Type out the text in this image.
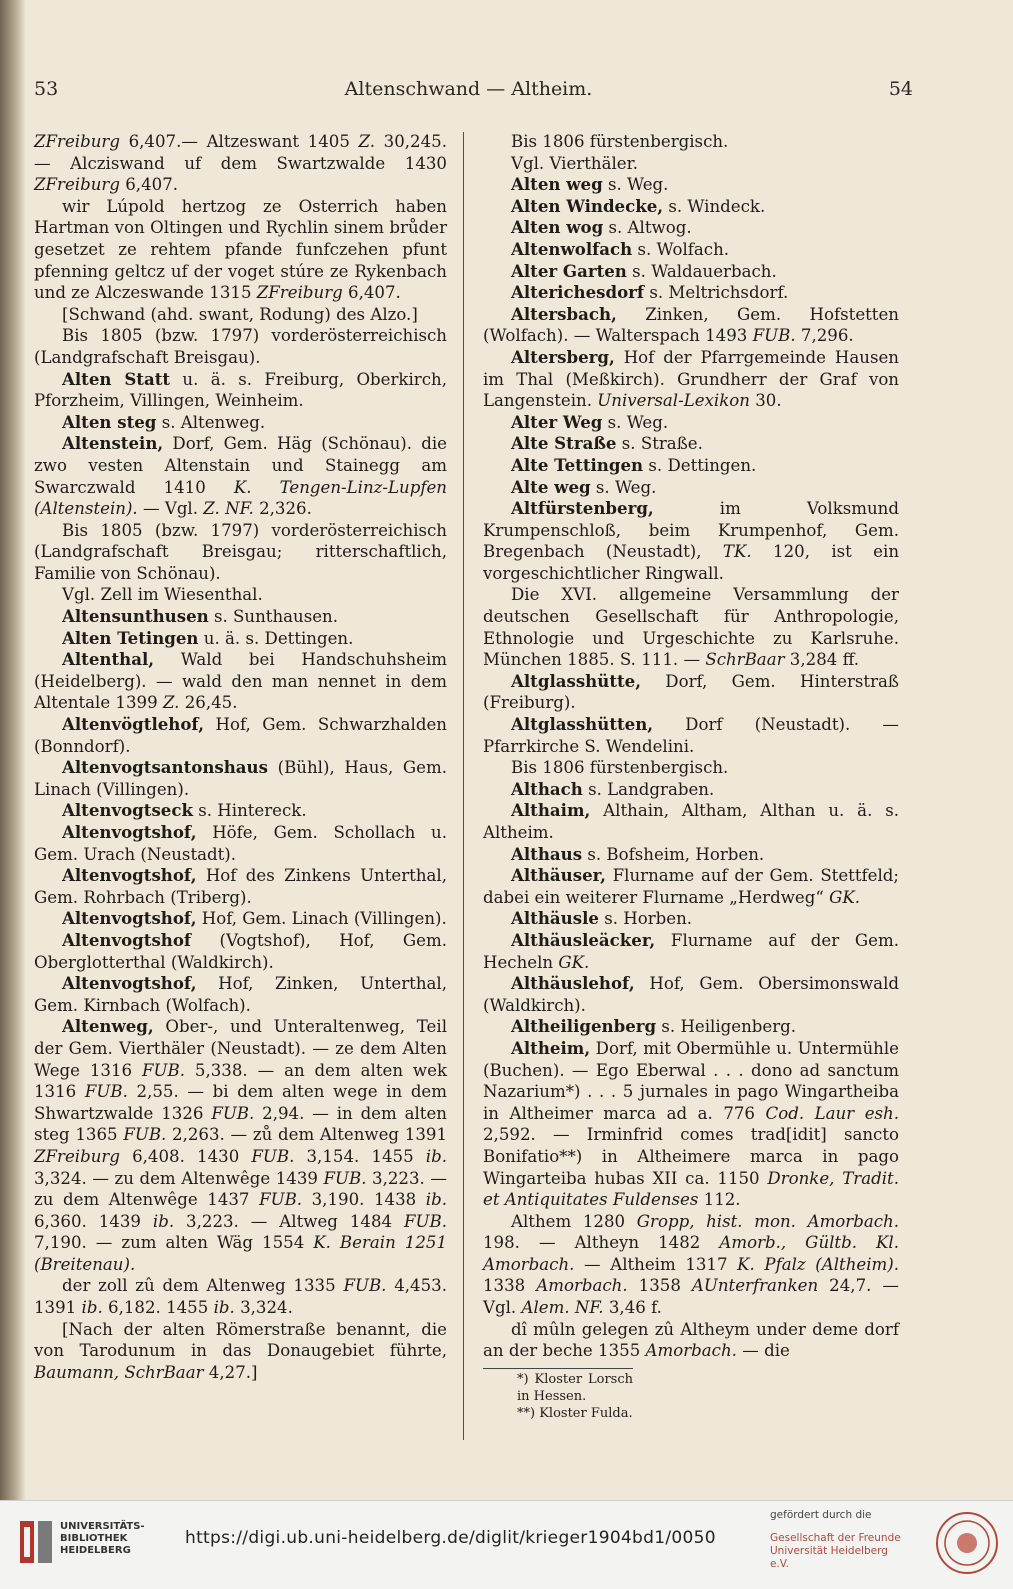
53	Altenschwand — Altheim.	54

ZFreiburg 6,407.— Altzeswant 1405 Z. 30,245. — Alcziswand uf dem Swartzwalde 1430 ZFreiburg 6,407.

wir Lúpold hertzog ze Osterrich haben Hartman von Oltingen und Rychlin sinem brůder gesetzet ze rehtem pfande funfczehen pfunt pfenning geltcz uf der voget stúre ze Rykenbach und ze Alczeswande 1315 ZFreiburg 6,407.

[Schwand (ahd. swant, Rodung) des Alzo.]

Bis 1805 (bzw. 1797) vorderösterreichisch (Landgrafschaft Breisgau).

Alten Statt u. ä. s. Freiburg, Oberkirch, Pforzheim, Villingen, Weinheim.

Alten steg s. Altenweg.

Altenstein, Dorf, Gem. Häg (Schönau). die zwo vesten Altenstain und Stainegg am Swarczwald 1410 K. Tengen-Linz-Lupfen (Altenstein). — Vgl. Z. NF. 2,326.

Bis 1805 (bzw. 1797) vorderösterreichisch (Landgrafschaft Breisgau; ritterschaftlich, Familie von Schönau).

Vgl. Zell im Wiesenthal.

Altensunthusen s. Sunthausen.

Alten Tetingen u. ä. s. Dettingen.

Altenthal, Wald bei Handschuhsheim (Heidelberg). — wald den man nennet in dem Altentale 1399 Z. 26,45.

Altenvögtlehof, Hof, Gem. Schwarzhalden (Bonndorf).

Altenvogtsantonshaus (Bühl), Haus, Gem. Linach (Villingen).

Altenvogtseck s. Hintereck.

Altenvogtshof, Höfe, Gem. Schollach u. Gem. Urach (Neustadt).

Altenvogtshof, Hof des Zinkens Unterthal, Gem. Rohrbach (Triberg).

Altenvogtshof, Hof, Gem. Linach (Villingen).

Altenvogtshof (Vogtshof), Hof, Gem. Oberglotterthal (Waldkirch).

Altenvogtshof, Hof, Zinken, Unterthal, Gem. Kirnbach (Wolfach).

Altenweg, Ober-, und Unteraltenweg, Teil der Gem. Vierthäler (Neustadt). — ze dem Alten Wege 1316 FUB. 5,338. — an dem alten wek 1316 FUB. 2,55. — bi dem alten wege in dem Shwartzwalde 1326 FUB. 2,94. — in dem alten steg 1365 FUB. 2,263. — zů dem Altenweg 1391 ZFreiburg 6,408. 1430 FUB. 3,154. 1455 ib. 3,324. — zu dem Altenwêge 1439 FUB. 3,223. — zu dem Altenwêge 1437 FUB. 3,190. 1438 ib. 6,360. 1439 ib. 3,223. — Altweg 1484 FUB. 7,190. — zum alten Wäg 1554 K. Berain 1251 (Breitenau).

der zoll zû dem Altenweg 1335 FUB. 4,453. 1391 ib. 6,182. 1455 ib. 3,324.

[Nach der alten Römerstraße benannt, die von Tarodunum in das Donaugebiet führte, Baumann, SchrBaar 4,27.]

Bis 1806 fürstenbergisch.

Vgl. Vierthäler.

Alten weg s. Weg.

Alten Windecke, s. Windeck.

Alten wog s. Altwog.

Altenwolfach s. Wolfach.

Alter Garten s. Waldauerbach.

Alterichesdorf s. Meltrichsdorf.

Altersbach, Zinken, Gem. Hofstetten (Wolfach). — Walterspach 1493 FUB. 7,296.

Altersberg, Hof der Pfarrgemeinde Hausen im Thal (Meßkirch). Grundherr der Graf von Langenstein. Universal-Lexikon 30.

Alter Weg s. Weg.

Alte Straße s. Straße.

Alte Tettingen s. Dettingen.

Alte weg s. Weg.

Altfürstenberg, im Volksmund Krumpenschloß, beim Krumpenhof, Gem. Bregenbach (Neustadt), TK. 120, ist ein vorgeschichtlicher Ringwall.

Die XVI. allgemeine Versammlung der deutschen Gesellschaft für Anthropologie, Ethnologie und Urgeschichte zu Karlsruhe. München 1885. S. 111. — SchrBaar 3,284 ff.

Altglasshütte, Dorf, Gem. Hinterstraß (Freiburg).

Altglasshütten, Dorf (Neustadt). — Pfarrkirche S. Wendelini.

Bis 1806 fürstenbergisch.

Althach s. Landgraben.

Althaim, Althain, Altham, Althan u. ä. s. Altheim.

Althaus s. Bofsheim, Horben.

Althäuser, Flurname auf der Gem. Stettfeld; dabei ein weiterer Flurname „Herdweg“ GK.

Althäusle s. Horben.

Althäusleäcker, Flurname auf der Gem. Hecheln GK.

Althäuslehof, Hof, Gem. Obersimonswald (Waldkirch).

Altheiligenberg s. Heiligenberg.

Altheim, Dorf, mit Obermühle u. Untermühle (Buchen). — Ego Eberwal . . . dono ad sanctum Nazarium*) . . . 5 jurnales in pago Wingartheiba in Altheimer marca ad a. 776 Cod. Laur esh. 2,592. — Irminfrid comes trad[idit] sancto Bonifatio**) in Altheimere marca in pago Wingarteiba hubas XII ca. 1150 Dronke, Tradit. et Antiquitates Fuldenses 112.

Althem 1280 Gropp, hist. mon. Amorbach. 198. — Altheyn 1482 Amorb., Gültb. Kl. Amorbach. — Altheim 1317 K. Pfalz (Altheim). 1338 Amorbach. 1358 AUnterfranken 24,7. — Vgl. Alem. NF. 3,46 f.

dî mûln gelegen zû Altheym under deme dorf an der beche 1355 Amorbach. — die

*) Kloster Lorsch in Hessen.

**) Kloster Fulda.

UNIVERSITÄTS-
BIBLIOTHEK
HEIDELBERG
https://digi.ub.uni-heidelberg.de/diglit/krieger1904bd1/0050
gefördert durch die
Gesellschaft der Freunde
Universität Heidelberg e.V.
